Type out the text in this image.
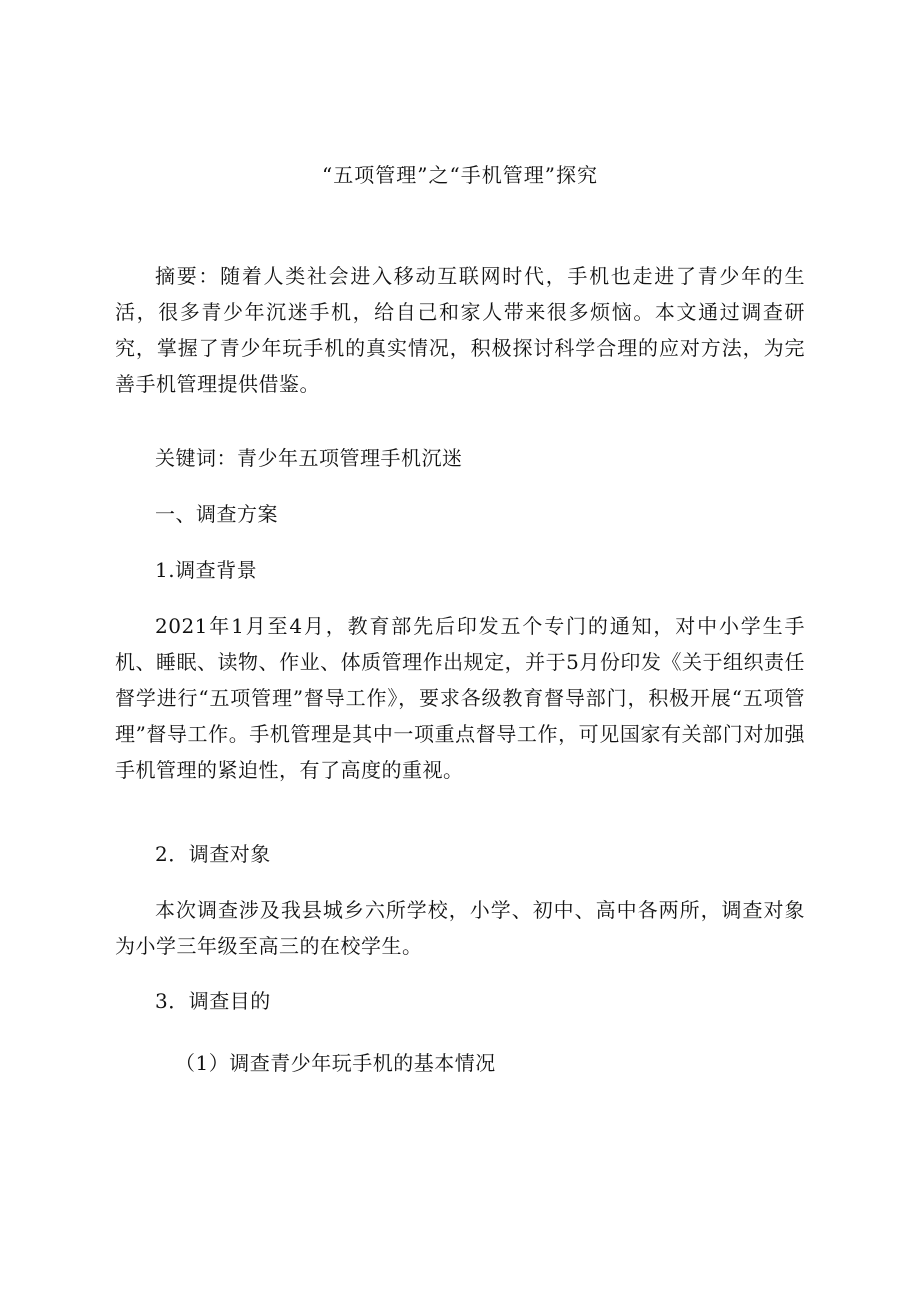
“五项管理”之“手机管理”探究

摘要：随着人类社会进入移动互联网时代，手机也走进了青少年的生活，很多青少年沉迷手机，给自己和家人带来很多烦恼。本文通过调查研究，掌握了青少年玩手机的真实情况，积极探讨科学合理的应对方法，为完善手机管理提供借鉴。

关键词：青少年五项管理手机沉迷

一、调查方案

1.调查背景

2021年1月至4月，教育部先后印发五个专门的通知，对中小学生手机、睡眠、读物、作业、体质管理作出规定，并于5月份印发《关于组织责任督学进行“五项管理”督导工作》，要求各级教育督导部门，积极开展“五项管理”督导工作。手机管理是其中一项重点督导工作，可见国家有关部门对加强手机管理的紧迫性，有了高度的重视。

2．调查对象

本次调查涉及我县城乡六所学校，小学、初中、高中各两所，调查对象为小学三年级至高三的在校学生。

3．调查目的

（1）调查青少年玩手机的基本情况
